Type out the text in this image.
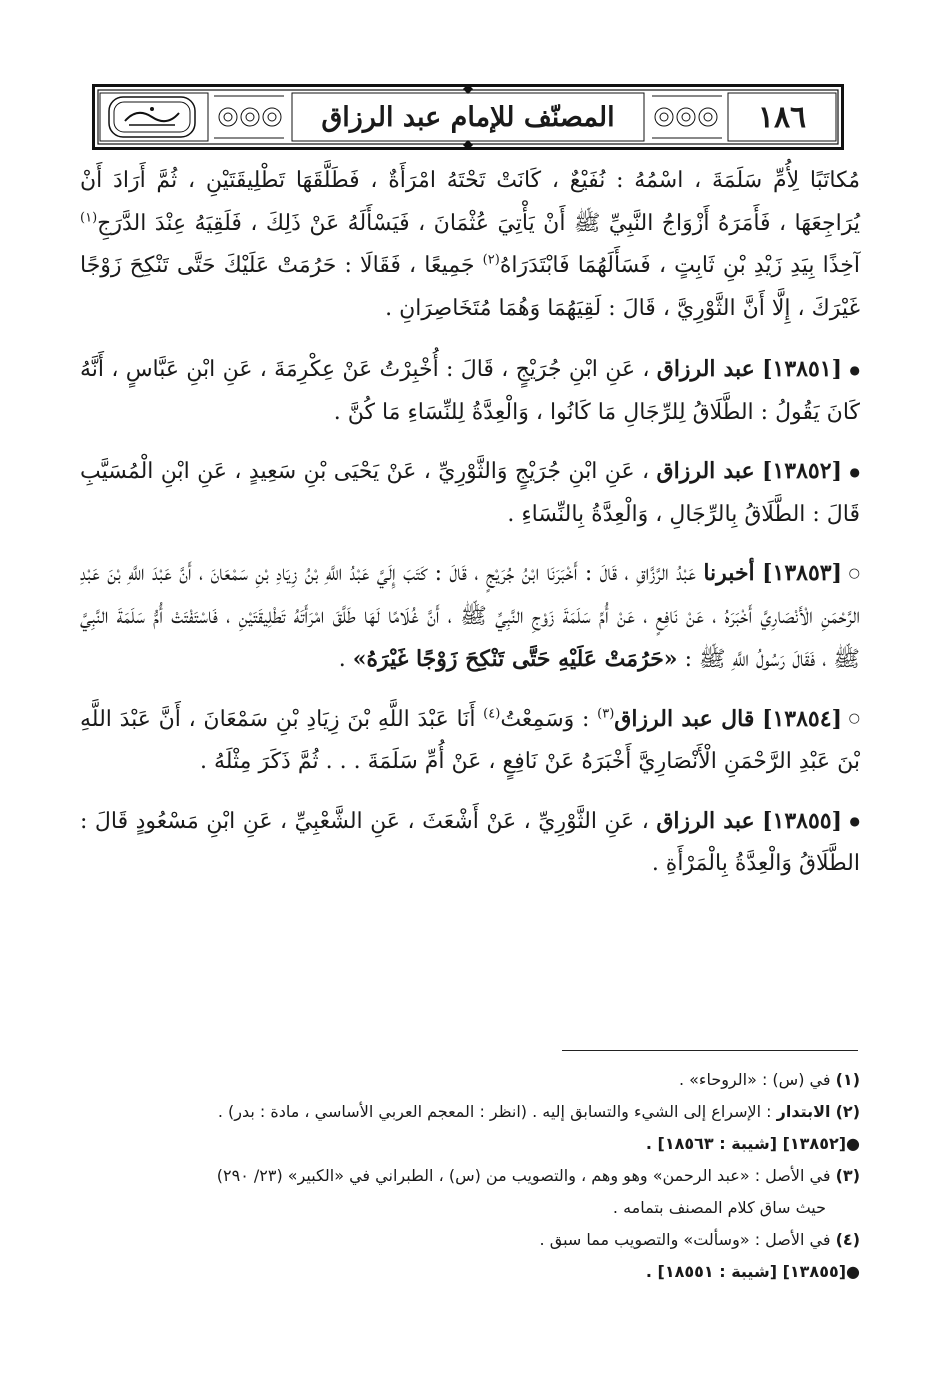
المصنّف للإمام عبد الرزاق	١٨٦

مُكاتَبًا لِأُمِّ سَلَمَةَ ، اسْمُهُ : نُفَيْعٌ ، كَانَتْ تَحْتَهُ امْرَأَةٌ ، فَطَلَّقَهَا تَطْلِيقَتَيْنِ ، ثُمَّ أَرَادَ أَنْ يُرَاجِعَهَا ، فَأَمَرَهُ أَزْوَاجُ النَّبِيِّ ﷺ أَنْ يَأْتِيَ عُثْمَانَ ، فَيَسْأَلَهُ عَنْ ذَلِكَ ، فَلَقِيَهُ عِنْدَ الدَّرَجِ$^{(١)}$ آخِذًا بِيَدِ زَيْدِ بْنِ ثَابِتٍ ، فَسَأَلَهُمَا فَابْتَدَرَاهُ$^{(٢)}$ جَمِيعًا ، فَقَالَا : حَرُمَتْ عَلَيْكَ حَتَّى تَنْكِحَ زَوْجًا غَيْرَكَ ، إِلَّا أَنَّ الثَّوْرِيَّ ، قَالَ : لَقِيَهُمَا وَهُمَا مُتَخَاصِرَانِ .

●[١٣٨٥١] عبد الرزاق ، عَنِ ابْنِ جُرَيْجٍ ، قَالَ : أُخْبِرْتُ عَنْ عِكْرِمَةَ ، عَنِ ابْنِ عَبَّاسٍ ، أَنَّهُ كَانَ يَقُولُ : الطَّلَاقُ لِلرِّجَالِ مَا كَانُوا ، وَالْعِدَّةُ لِلنِّسَاءِ مَا كُنَّ .

●[١٣٨٥٢] عبد الرزاق ، عَنِ ابْنِ جُرَيْجٍ وَالثَّوْرِيِّ ، عَنْ يَحْيَى بْنِ سَعِيدٍ ، عَنِ ابْنِ الْمُسَيَّبِ قَالَ : الطَّلَاقُ بِالرِّجَالِ ، وَالْعِدَّةُ بِالنِّسَاءِ .

○[١٣٨٥٣] أخبرنا عَبْدُ الرَّزَّاقِ ، قَالَ : أَخْبَرَنَا ابْنُ جُرَيْجٍ ، قَالَ : كَتَبَ إِلَيَّ عَبْدُ اللَّهِ بْنُ زِيَادِ بْنِ سَمْعَانَ ، أَنَّ عَبْدَ اللَّهِ بْنَ عَبْدِ الرَّحْمَنِ الْأَنْصَارِيَّ أَخْبَرَهُ ، عَنْ نَافِعٍ ، عَنْ أُمِّ سَلَمَةَ زَوْجِ النَّبِيِّ ﷺ ، أَنَّ غُلَامًا لَهَا طَلَّقَ امْرَأَتَهُ تَطْلِيقَتَيْنِ ، فَاسْتَفْتَتْ أُمُّ سَلَمَةَ النَّبِيَّ ﷺ ، فَقَالَ رَسُولُ اللَّهِ ﷺ : «حَرُمَتْ عَلَيْهِ حَتَّى تَنْكِحَ زَوْجًا غَيْرَهُ» .

○[١٣٨٥٤] قال عبد الرزاق$^{(٣)}$ : وَسَمِعْتُ$^{(٤)}$ أَنَا عَبْدَ اللَّهِ بْنَ زِيَادِ بْنِ سَمْعَانَ ، أَنَّ عَبْدَ اللَّهِ بْنَ عَبْدِ الرَّحْمَنِ الْأَنْصَارِيَّ أَخْبَرَهُ عَنْ نَافِعٍ ، عَنْ أُمِّ سَلَمَةَ . . . ثُمَّ ذَكَرَ مِثْلَهُ .

●[١٣٨٥٥] عبد الرزاق ، عَنِ الثَّوْرِيِّ ، عَنْ أَشْعَثَ ، عَنِ الشَّعْبِيِّ ، عَنِ ابْنِ مَسْعُودٍ قَالَ : الطَّلَاقُ وَالْعِدَّةُ بِالْمَرْأَةِ .

(١) في (س) : «الروحاء» .

(٢) الابتدار : الإسراع إلى الشيء والتسابق إليه . (انظر : المعجم العربي الأساسي ، مادة : بدر) .

●[١٣٨٥٢] [شيبة : ١٨٥٦٣] .

(٣) في الأصل : «عبد الرحمن» وهو وهم ، والتصويب من (س) ، الطبراني في «الكبير» (٢٣/ ٢٩٠)

حيث ساق كلام المصنف بتمامه .

(٤) في الأصل : «وسألت» والتصويب مما سبق .

●[١٣٨٥٥] [شيبة : ١٨٥٥١] .
